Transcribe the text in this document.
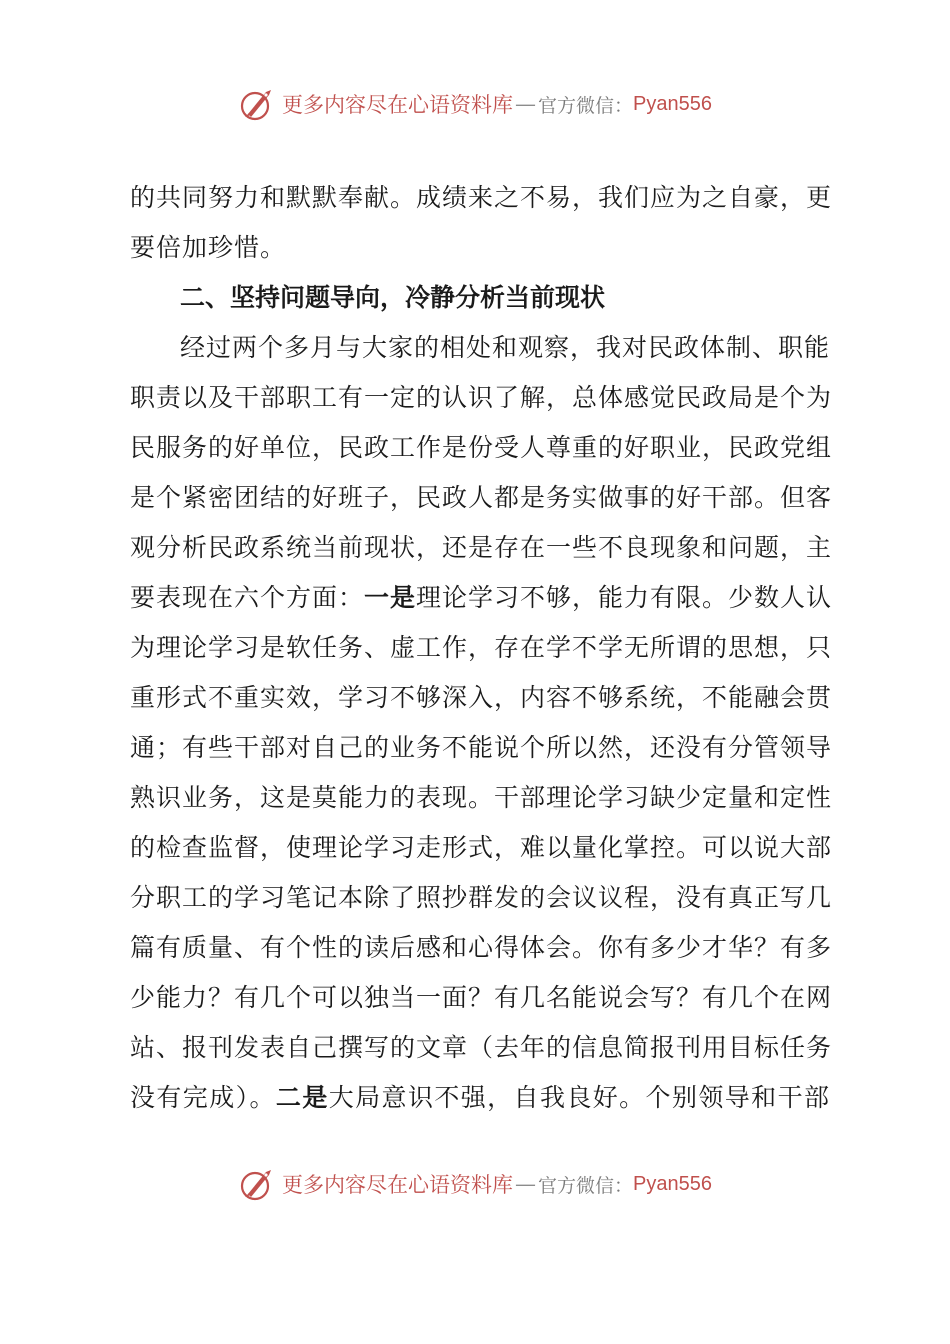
更多内容尽在心语资料库 — 官方微信： Pyan556
的共同努力和默默奉献。成绩来之不易，我们应为之自豪，更
要倍加珍惜。
二、坚持问题导向，冷静分析当前现状
经过两个多月与大家的相处和观察，我对民政体制、职能
职责以及干部职工有一定的认识了解，总体感觉民政局是个为
民服务的好单位，民政工作是份受人尊重的好职业，民政党组
是个紧密团结的好班子，民政人都是务实做事的好干部。但客
观分析民政系统当前现状，还是存在一些不良现象和问题，主
要表现在六个方面：一是理论学习不够，能力有限。少数人认
为理论学习是软任务、虚工作，存在学不学无所谓的思想，只
重形式不重实效，学习不够深入，内容不够系统，不能融会贯
通；有些干部对自己的业务不能说个所以然，还没有分管领导
熟识业务，这是莫能力的表现。干部理论学习缺少定量和定性
的检查监督，使理论学习走形式，难以量化掌控。可以说大部
分职工的学习笔记本除了照抄群发的会议议程，没有真正写几
篇有质量、有个性的读后感和心得体会。你有多少才华？有多
少能力？有几个可以独当一面？有几名能说会写？有几个在网
站、报刊发表自己撰写的文章（去年的信息简报刊用目标任务
没有完成）。二是大局意识不强，自我良好。个别领导和干部
更多内容尽在心语资料库 — 官方微信： Pyan556
